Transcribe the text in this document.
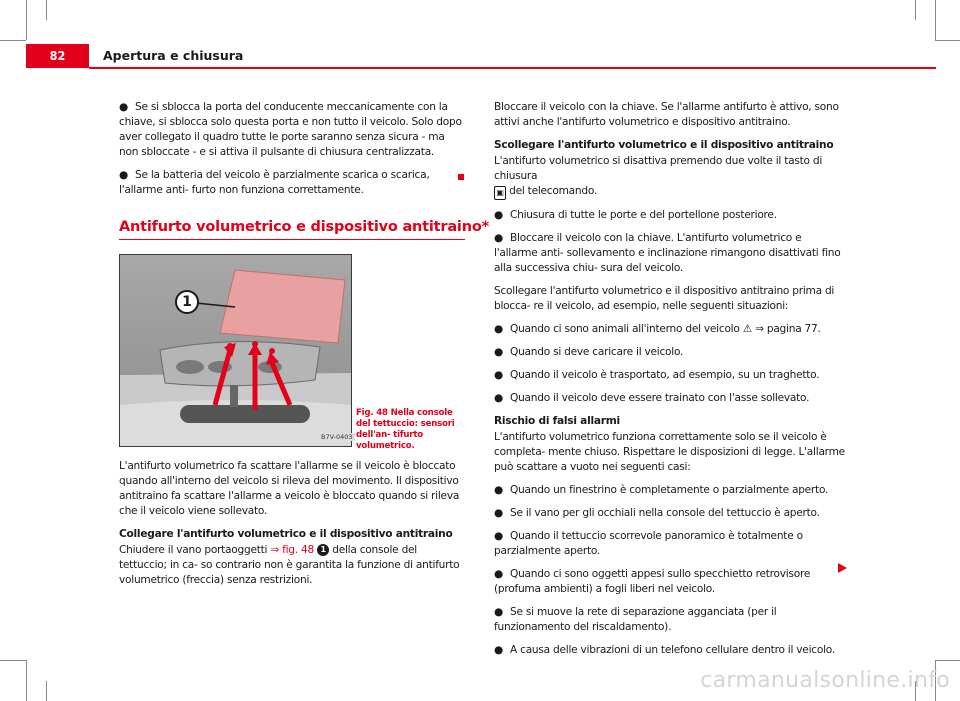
82	Apertura e chiusura

● Se si sblocca la porta del conducente meccanicamente con la chiave, si sblocca solo questa porta e non tutto il veicolo. Solo dopo aver collegato il quadro tutte le porte saranno senza sicura - ma non sbloccate - e si attiva il pulsante di chiusura centralizzata.

● Se la batteria del veicolo è parzialmente scarica o scarica, l'allarme anti- furto non funziona correttamente.

Antifurto volumetrico e dispositivo antitraino*
1
B7V-0403
Fig. 48 Nella console del tettuccio: sensori dell'an- tifurto volumetrico.

L'antifurto volumetrico fa scattare l'allarme se il veicolo è bloccato quando all'interno del veicolo si rileva del movimento. Il dispositivo antitraino fa scattare l'allarme a veicolo è bloccato quando si rileva che il veicolo viene sollevato.

Collegare l'antifurto volumetrico e il dispositivo antitraino

Chiudere il vano portaoggetti ⇒ fig. 48 1 della console del tettuccio; in ca- so contrario non è garantita la funzione di antifurto volumetrico (freccia) senza restrizioni.

Bloccare il veicolo con la chiave. Se l'allarme antifurto è attivo, sono attivi anche l'antifurto volumetrico e dispositivo antitraino.

Scollegare l'antifurto volumetrico e il dispositivo antitraino

L'antifurto volumetrico si disattiva premendo due volte il tasto di chiusura
▣ del telecomando.

● Chiusura di tutte le porte e del portellone posteriore.

● Bloccare il veicolo con la chiave. L'antifurto volumetrico e l'allarme anti- sollevamento e inclinazione rimangono disattivati fino alla successiva chiu- sura del veicolo.

Scollegare l'antifurto volumetrico e il dispositivo antitraino prima di blocca- re il veicolo, ad esempio, nelle seguenti situazioni:

● Quando ci sono animali all'interno del veicolo ⚠ ⇒ pagina 77.

● Quando si deve caricare il veicolo.

● Quando il veicolo è trasportato, ad esempio, su un traghetto.

● Quando il veicolo deve essere trainato con l'asse sollevato.

Rischio di falsi allarmi

L'antifurto volumetrico funziona correttamente solo se il veicolo è completa- mente chiuso. Rispettare le disposizioni di legge. L'allarme può scattare a vuoto nei seguenti casi:

● Quando un finestrino è completamente o parzialmente aperto.

● Se il vano per gli occhiali nella console del tettuccio è aperto.

● Quando il tettuccio scorrevole panoramico è totalmente o parzialmente aperto.

● Quando ci sono oggetti appesi sullo specchietto retrovisore (profuma ambienti) a fogli liberi nel veicolo.

● Se si muove la rete di separazione agganciata (per il funzionamento del riscaldamento).

● A causa delle vibrazioni di un telefono cellulare dentro il veicolo.

carmanualsonline.info
